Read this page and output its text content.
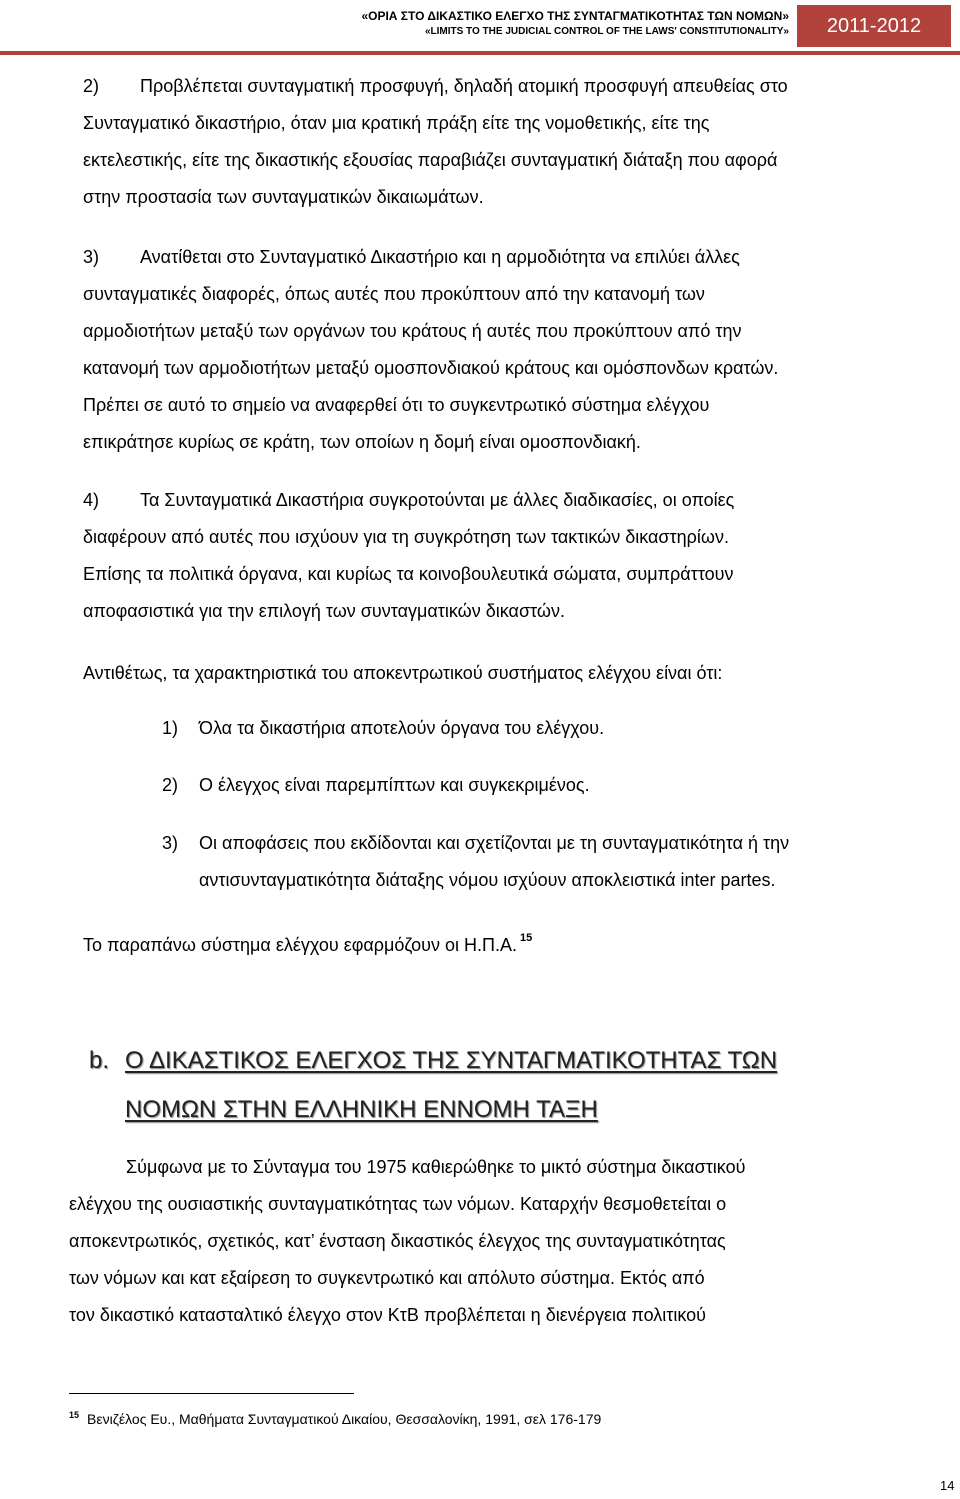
«ΟΡΙΑ ΣΤΟ ΔΙΚΑΣΤΙΚΟ ΕΛΕΓΧΟ ΤΗΣ ΣΥΝΤΑΓΜΑΤΙΚΟΤΗΤΑΣ ΤΩΝ ΝΟΜΩΝ»
«LIMITS TO THE JUDICIAL CONTROL OF THE LAWS' CONSTITUTIONALITY»	2011-2012
2) Προβλέπεται συνταγματική προσφυγή, δηλαδή ατομική προσφυγή απευθείας στο
Συνταγματικό δικαστήριο, όταν μια κρατική πράξη είτε της νομοθετικής, είτε της
εκτελεστικής, είτε της δικαστικής εξουσίας παραβιάζει συνταγματική διάταξη που αφορά
στην προστασία των συνταγματικών δικαιωμάτων.
3) Ανατίθεται στο Συνταγματικό Δικαστήριο και η αρμοδιότητα να επιλύει άλλες
συνταγματικές διαφορές, όπως αυτές που προκύπτουν από την κατανομή των
αρμοδιοτήτων μεταξύ των οργάνων του κράτους ή αυτές που προκύπτουν από την
κατανομή των αρμοδιοτήτων μεταξύ ομοσπονδιακού κράτους και ομόσπονδων κρατών.
Πρέπει σε αυτό το σημείο να αναφερθεί ότι το συγκεντρωτικό σύστημα ελέγχου
επικράτησε κυρίως σε κράτη, των οποίων η δομή είναι ομοσπονδιακή.
4) Τα Συνταγματικά Δικαστήρια συγκροτούνται με άλλες διαδικασίες, οι οποίες
διαφέρουν από αυτές που ισχύουν για τη συγκρότηση των τακτικών δικαστηρίων.
Επίσης τα πολιτικά όργανα, και κυρίως τα κοινοβουλευτικά σώματα, συμπράττουν
αποφασιστικά για την επιλογή των συνταγματικών δικαστών.
Αντιθέτως, τα χαρακτηριστικά του αποκεντρωτικού συστήματος ελέγχου είναι ότι:
1)	Όλα τα δικαστήρια αποτελούν όργανα του ελέγχου.
2)	Ο έλεγχος είναι παρεμπίπτων και συγκεκριμένος.
3)	Οι αποφάσεις που εκδίδονται και σχετίζονται με τη συνταγματικότητα ή την
αντισυνταγματικότητα διάταξης νόμου ισχύουν αποκλειστικά inter partes.
Το παραπάνω σύστημα ελέγχου εφαρμόζουν οι Η.Π.Α. $^{15}$
b. Ο ΔΙΚΑΣΤΙΚΟΣ ΕΛΕΓΧΟΣ ΤΗΣ ΣΥΝΤΑΓΜΑΤΙΚΟΤΗΤΑΣ ΤΩΝ
ΝΟΜΩΝ ΣΤΗΝ ΕΛΛΗΝΙΚΗ ΕΝΝΟΜΗ ΤΑΞΗ
Σύμφωνα με το Σύνταγμα του 1975 καθιερώθηκε το μικτό σύστημα δικαστικού
ελέγχου της ουσιαστικής συνταγματικότητας των νόμων. Καταρχήν θεσμοθετείται ο
αποκεντρωτικός, σχετικός, κατ’ ένσταση δικαστικός έλεγχος της συνταγματικότητας
των νόμων και κατ εξαίρεση το συγκεντρωτικό και απόλυτο σύστημα. Εκτός από
τον δικαστικό κατασταλτικό έλεγχο στον ΚτΒ προβλέπεται η διενέργεια πολιτικού
$^{15}$ Βενιζέλος Ευ., Μαθήματα Συνταγματικού Δικαίου, Θεσσαλονίκη, 1991, σελ 176-179
14
